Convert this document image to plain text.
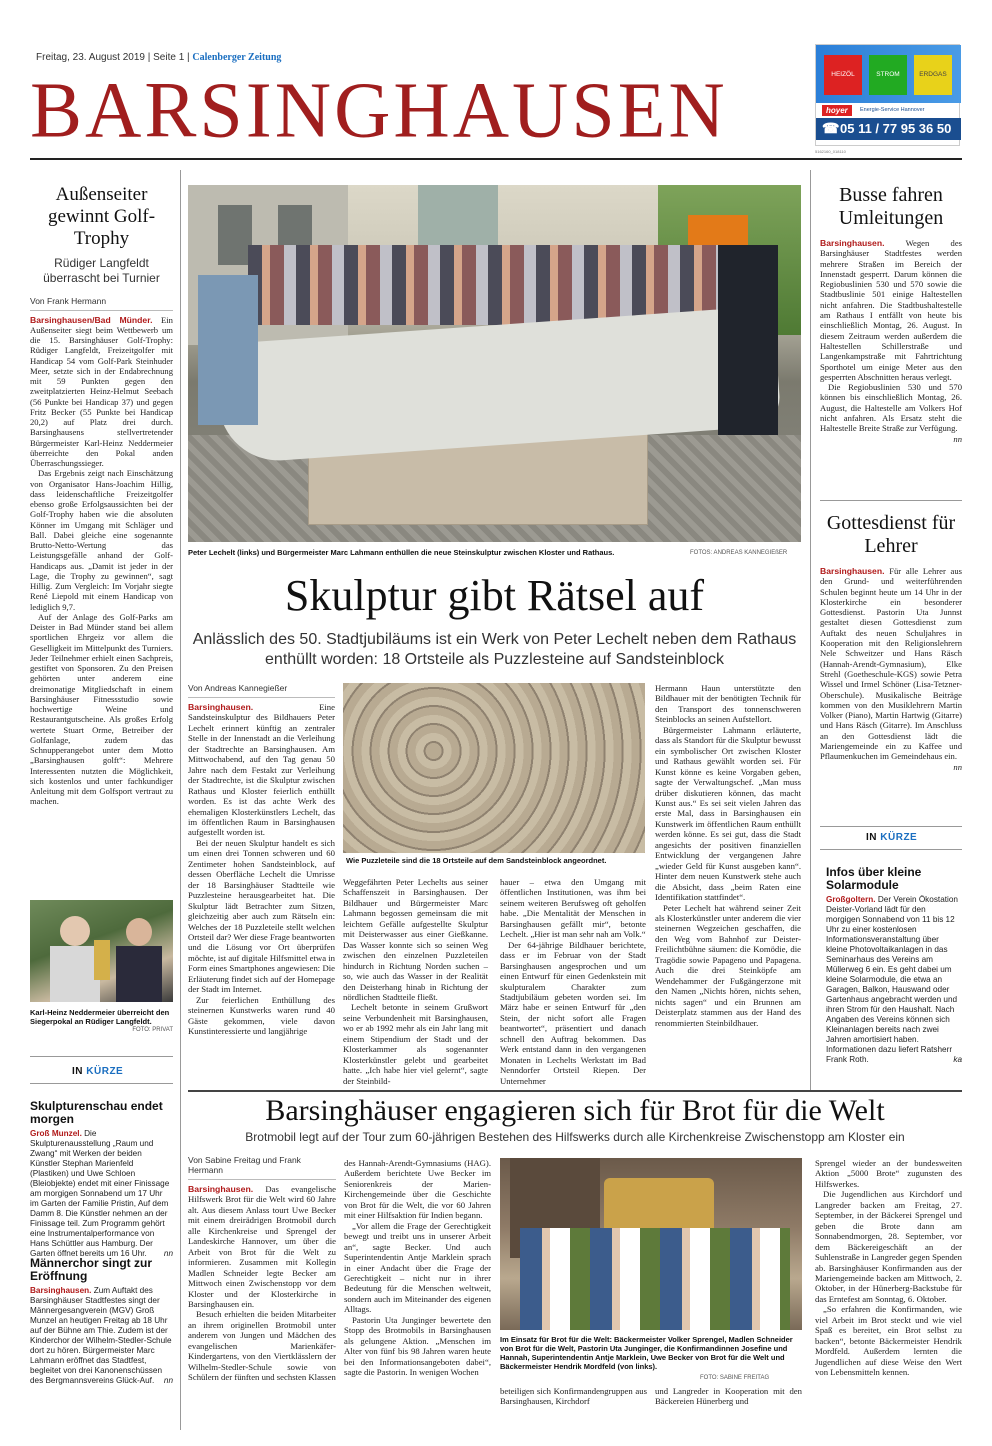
Freitag, 23. August 2019 | Seite 1 | Calenberger Zeitung
BARSINGHAUSEN	HEIZÖL	STROM	ERDGAS
hoyer	Energie-Service Hannover
☎ 05 11 / 77 95 36 50
5162160_018110
Außenseiter gewinnt Golf-Trophy
Rüdiger Langfeldt überrascht bei Turnier
Von Frank Hermann

Barsinghausen/Bad Münder. Ein Außenseiter siegt beim Wettbewerb um die 15. Barsinghäuser Golf-Trophy: Rüdiger Langfeldt, Freizeitgolfer mit Handicap 54 vom Golf-Park Steinhuder Meer, setzte sich in der Endabrechnung mit 59 Punkten gegen den zweitplatzierten Heinz-Helmut Seebach (56 Punkte bei Handicap 37) und gegen Fritz Becker (55 Punkte bei Handicap 20,2) auf Platz drei durch. Barsinghausens stellvertretender Bürgermeister Karl-Heinz Neddermeier überreichte den Pokal anden Überraschungssieger.

Das Ergebnis zeigt nach Einschätzung von Organisator Hans-Joachim Hillig, dass leidenschaftliche Freizeitgolfer ebenso große Erfolgsaussichten bei der Golf-Trophy haben wie die absoluten Könner im Umgang mit Schläger und Ball. Dabei gleiche eine sogenannte Brutto-Netto-Wertung das Leistungsgefälle anhand der Golf-Handicaps aus. „Damit ist jeder in der Lage, die Trophy zu gewinnen“, sagt Hillig. Zum Vergleich: Im Vorjahr siegte René Liepold mit einem Handicap von lediglich 9,7.

Auf der Anlage des Golf-Parks am Deister in Bad Münder stand bei allem sportlichen Ehrgeiz vor allem die Geselligkeit im Mittelpunkt des Turniers. Jeder Teilnehmer erhielt einen Sachpreis, gestiftet von Sponsoren. Zu den Preisen gehörten unter anderem eine dreimonatige Mitgliedschaft in einem Barsinghäuser Fitnessstudio sowie hochwertige Weine und Restaurantgutscheine. Als großes Erfolg wertete Stuart Orme, Betreiber der Golfanlage, zudem das Schnupperangebot unter dem Motto „Barsinghausen golft“: Mehrere Interessenten nutzten die Möglichkeit, sich kostenlos und unter fachkundiger Anleitung mit dem Golfsport vertraut zu machen.

Karl-Heinz Neddermeier überreicht den Siegerpokal an Rüdiger Langfeldt.
FOTO: PRIVAT
IN KÜRZE
Skulpturenschau endet morgen
Groß Munzel. Die Skulpturenausstellung „Raum und Zwang“ mit Werken der beiden Künstler Stephan Marienfeld (Plastiken) und Uwe Schloen (Bleiobjekte) endet mit einer Finissage am morgigen Sonnabend um 17 Uhr im Garten der Familie Pristin, Auf dem Damm 8. Die Künstler nehmen an der Finissage teil. Zum Programm gehört eine Instrumentalperformance von Hans Schüttler aus Hamburg. Der Garten öffnet bereits um 16 Uhr. nn
Männerchor singt zur Eröffnung
Barsinghausen. Zum Auftakt des Barsinghäuser Stadtfestes singt der Männergesangverein (MGV) Groß Munzel an heutigen Freitag ab 18 Uhr auf der Bühne am Thie. Zudem ist der Kinderchor der Wilhelm-Stedler-Schule dort zu hören. Bürgermeister Marc Lahmann eröffnet das Stadtfest, begleitet von drei Kanonenschüssen des Bergmannsvereins Glück-Auf. nn
Peter Lechelt (links) und Bürgermeister Marc Lahmann enthüllen die neue Steinskulptur zwischen Kloster und Rathaus.	FOTOS: ANDREAS KANNEGIEßER
Skulptur gibt Rätsel auf
Anlässlich des 50. Stadtjubiläums ist ein Werk von Peter Lechelt neben dem Rathaus enthüllt worden: 18 Ortsteile als Puzzlesteine auf Sandsteinblock
Von Andreas Kannegießer

Barsinghausen.	Eine Sandsteinskulptur des Bildhauers Peter Lechelt erinnert künftig an zentraler Stelle in der Innenstadt an die Verleihung der Stadtrechte an Barsinghausen. Am Mittwochabend, auf den Tag genau 50 Jahre nach dem Festakt zur Verleihung der Stadtrechte, ist die Skulptur zwischen Rathaus und Kloster feierlich enthüllt worden. Es ist das achte Werk des ehemaligen Klosterkünstlers Lechelt, das im öffentlichen Raum in Barsinghausen aufgestellt worden ist.

Bei der neuen Skulptur handelt es sich um einen drei Tonnen schweren und 60 Zentimeter hohen Sandsteinblock, auf dessen Oberfläche Lechelt die Umrisse der 18 Barsinghäuser Stadtteile wie Puzzlesteine herausgearbeitet hat. Die Skulptur lädt Betrachter zum Sitzen, gleichzeitig aber auch zum Rätseln ein: Welches der 18 Puzzleteile stellt welchen Ortsteil dar? Wer diese Frage beantworten und die Lösung vor Ort überprüfen möchte, ist auf digitale Hilfsmittel etwa in Form eines Smartphones angewiesen: Die Erläuterung findet sich auf der Homepage der Stadt im Internet.

Zur feierlichen Enthüllung des steinernen Kunstwerks waren rund 40 Gäste gekommen, viele davon Kunstinteressierte und langjährige

Wie Puzzleteile sind die 18 Ortsteile auf dem Sandsteinblock angeordnet.

Weggefährten Peter Lechelts aus seiner Schaffenszeit in Barsinghausen. Der Bildhauer und Bürgermeister Marc Lahmann begossen gemeinsam die mit leichtem Gefälle aufgestellte Skulptur mit Deisterwasser aus einer Gießkanne. Das Wasser konnte sich so seinen Weg zwischen den einzelnen Puzzleteilen hindurch in Richtung Norden suchen – so, wie auch das Wasser in der Realität den Deisterhang hinab in Richtung der nördlichen Stadtteile fließt.

Lechelt betonte in seinem Grußwort seine Verbundenheit mit Barsinghausen, wo er ab 1992 mehr als ein Jahr lang mit einem Stipendium der Stadt und der Klosterkammer als sogenannter Klosterkünstler gelebt und gearbeitet hatte. „Ich habe hier viel gelernt“, sagte der Steinbild-

hauer – etwa den Umgang mit öffentlichen Institutionen, was ihm bei seinem weiteren Berufsweg oft geholfen habe. „Die Mentalität der Menschen in Barsinghausen gefällt mir“, betonte Lechelt. „Hier ist man sehr nah am Volk.“

Der 64-jährige Bildhauer berichtete, dass er im Februar von der Stadt Barsinghausen angesprochen und um einen Entwurf für einen Gedenkstein mit skulpturalem Charakter zum Stadtjubiläum gebeten worden sei. Im März habe er seinen Entwurf für „den Stein, der nicht sofort alle Fragen beantwortet“, präsentiert und danach schnell den Auftrag bekommen. Das Werk entstand dann in den vergangenen Monaten in Lechelts Werkstatt im Bad Nenndorfer Ortsteil Riepen. Der Unternehmer

Hermann Haun unterstützte den Bildhauer mit der benötigten Technik für den Transport des tonnenschweren Steinblocks an seinen Aufstellort.

Bürgermeister Lahmann erläuterte, dass als Standort für die Skulptur bewusst ein symbolischer Ort zwischen Kloster und Rathaus gewählt worden sei. Für Kunst könne es keine Vorgaben geben, sagte der Verwaltungschef. „Man muss drüber diskutieren können, das macht Kunst aus.“ Es sei seit vielen Jahren das erste Mal, dass in Barsinghausen ein Kunstwerk im öffentlichen Raum enthüllt werden könne. Es sei gut, dass die Stadt angesichts der positiven finanziellen Entwicklung der vergangenen Jahre „wieder Geld für Kunst ausgeben kann“. Hinter dem neuen Kunstwerk stehe auch die Absicht, dass „beim Raten eine Identifikation stattfindet“.

Peter Lechelt hat während seiner Zeit als Klosterkünstler unter anderem die vier steinernen Wegzeichen geschaffen, die den Weg vom Bahnhof zur Deister-Freilichtbühne säumen: die Komödie, die Tragödie sowie Papageno und Papagena. Auch die drei Steinköpfe am Wendehammer der Fußgängerzone mit den Namen „Nichts hören, nichts sehen, nichts sagen“ und ein Brunnen am Deisterplatz stammen aus der Hand des renommierten Steinbildhauer.

Busse fahren Umleitungen

Barsinghausen. Wegen des Barsinghäuser Stadtfestes werden mehrere Straßen im Bereich der Innenstadt gesperrt. Darum können die Regiobuslinien 530 und 570 sowie die Stadtbuslinie 501 einige Haltestellen nicht anfahren. Die Stadtbushaltestelle am Rathaus I entfällt von heute bis einschließlich Montag, 26. August. In diesem Zeitraum werden außerdem die Haltestellen Schillerstraße und Langenkampstraße mit Fahrtrichtung Sporthotel um einige Meter aus den gesperrten Abschnitten heraus verlegt.

Die Regiobuslinien 530 und 570 können bis einschließlich Montag, 26. August, die Haltestelle am Volkers Hof nicht anfahren. Als Ersatz steht die Haltestelle Breite Straße zur Verfügung.
nn

Gottesdienst für Lehrer

Barsinghausen. Für alle Lehrer aus den Grund- und weiterführenden Schulen beginnt heute um 14 Uhr in der Klosterkirche ein besonderer Gottesdienst. Pastorin Uta Junnst gestaltet diesen Gottesdienst zum Auftakt des neuen Schuljahres in Kooperation mit den Religionslehrern Nele Schweitzer und Hans Räsch (Hannah-Arendt-Gymnasium), Elke Strehl (Goetheschule-KGS) sowie Petra Wissel und Irmel Schöner (Lisa-Tetzner-Oberschule). Musikalische Beiträge kommen von den Musiklehrern Martin Volker (Piano), Martin Hartwig (Gitarre) und Hans Räsch (Gitarre). Im Anschluss an den Gottesdienst lädt die Mariengemeinde ein zu Kaffee und Pflaumenkuchen im Gemeindehaus ein.
nn

IN KÜRZE
Infos über kleine Solarmodule
Großgoltern. Der Verein Ökostation Deister-Vorland lädt für den morgigen Sonnabend von 11 bis 12 Uhr zu einer kostenlosen Informationsveranstaltung über kleine Photovoltaikanlagen in das Seminarhaus des Vereins am Müllerweg 6 ein. Es geht dabei um kleine Solarmodule, die etwa an Garagen, Balkon, Hauswand oder Gartenhaus angebracht werden und ihren Strom für den Haushalt. Nach Angaben des Vereins können sich Kleinanlagen bereits nach zwei Jahren amortisiert haben. Informationen dazu liefert Ratsherr Frank Roth.	ka
Barsinghäuser engagieren sich für Brot für die Welt
Brotmobil legt auf der Tour zum 60-jährigen Bestehen des Hilfswerks durch alle Kirchenkreise Zwischenstopp am Kloster ein
Von Sabine Freitag und Frank Hermann

Barsinghausen. Das evangelische Hilfswerk Brot für die Welt wird 60 Jahre alt. Aus diesem Anlass tourt Uwe Becker mit einem dreirädrigen Brotmobil durch alle Kirchenkreise und Sprengel der Landeskirche Hannover, um über die Arbeit von Brot für die Welt zu informieren. Zusammen mit Kollegin Madlen Schneider legte Becker am Mittwoch einen Zwischenstopp vor dem Kloster und der Klosterkirche in Barsinghausen ein.

Besuch erhielten die beiden Mitarbeiter an ihrem originellen Brotmobil unter anderem von Jungen und Mädchen des evangelischen Marienkäfer-Kindergartens, von den Viertklässlern der Wilhelm-Stedler-Schule sowie von Schülern der fünften und sechsten Klassen

des Hannah-Arendt-Gymnasiums (HAG). Außerdem berichtete Uwe Becker im Seniorenkreis der Marien-Kirchengemeinde über die Geschichte von Brot für die Welt, die vor 60 Jahren mit einer Hilfsaktion für Indien begann.

„Vor allem die Frage der Gerechtigkeit bewegt und treibt uns in unserer Arbeit an“, sagte Becker. Und auch Superintendentin Antje Marklein sprach in einer Andacht über die Frage der Gerechtigkeit – nicht nur in ihrer Bedeutung für die Menschen weltweit, sondern auch im Miteinander des eigenen Alltags.

Pastorin Uta Junginger bewertete den Stopp des Brotmobils in Barsinghausen als gelungene Aktion. „Menschen im Alter von fünf bis 98 Jahren waren heute bei den Informationsangeboten dabei“, sagte die Pastorin. In wenigen Wochen

Im Einsatz für Brot für die Welt: Bäckermeister Volker Sprengel, Madlen Schneider von Brot für die Welt, Pastorin Uta Junginger, die Konfirmandinnen Josefine und Hannah, Superintendentin Antje Marklein, Uwe Becker von Brot für die Welt und Bäckermeister Hendrik Mordfeld (von links).
FOTO: SABINE FREITAG
beteiligen sich Konfirmandengruppen aus Barsinghausen, Kirchdorf
und Langreder in Kooperation mit den Bäckereien Hünerberg und

Sprengel wieder an der bundesweiten Aktion „5000 Brote“ zugunsten des Hilfswerkes.

Die Jugendlichen aus Kirchdorf und Langreder backen am Freitag, 27. September, in der Bäckerei Sprengel und geben die Brote dann am Sonnabendmorgen, 28. September, vor dem Bäckereigeschäft an der Suhlenstraße in Langreder gegen Spenden ab. Barsinghäuser Konfirmanden aus der Mariengemeinde backen am Mittwoch, 2. Oktober, in der Hünerberg-Backstube für das Erntefest am Sonntag, 6. Oktober.

„So erfahren die Konfirmanden, wie viel Arbeit im Brot steckt und wie viel Spaß es bereitet, ein Brot selbst zu backen“, betonte Bäckermeister Hendrik Mordfeld. Außerdem lernten die Jugendlichen auf diese Weise den Wert von Lebensmitteln kennen.
